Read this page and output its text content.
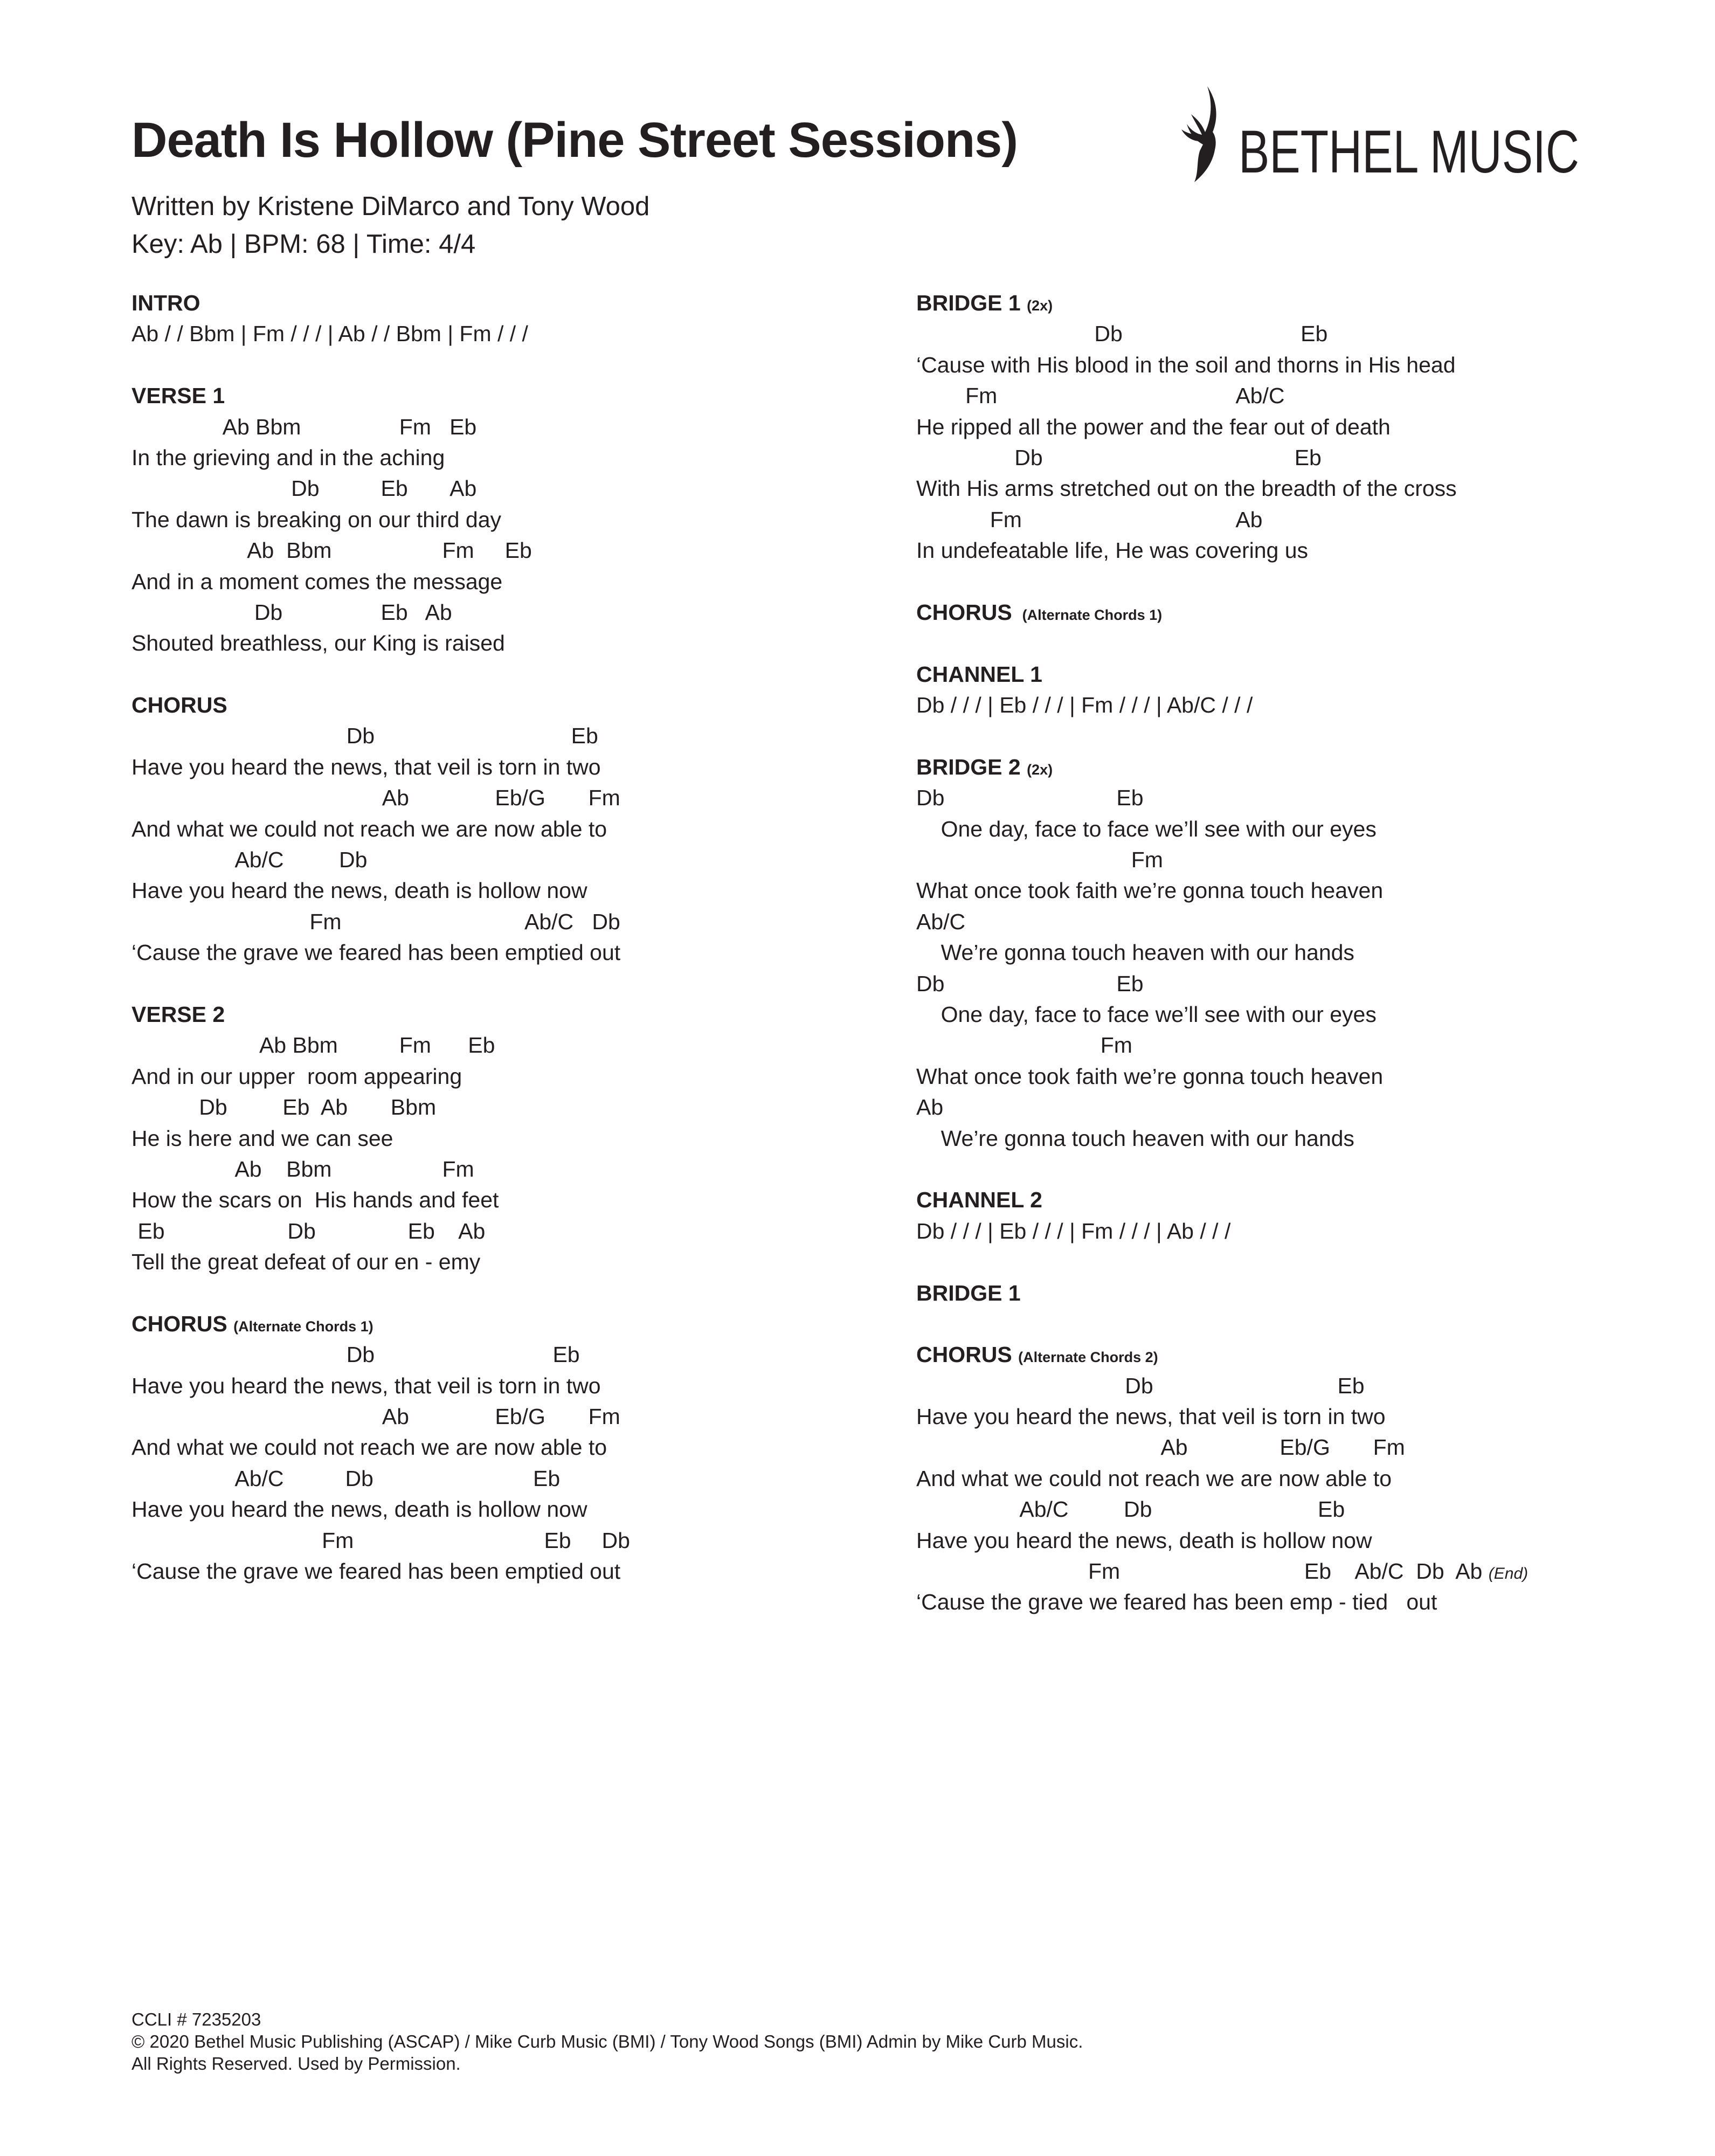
Death Is Hollow (Pine Street Sessions)
Written by Kristene DiMarco and Tony Wood
Key: Ab | BPM: 68 | Time: 4/4
BETHEL MUSIC
INTRO
Ab / / Bbm | Fm / / / | Ab / / Bbm | Fm / / /
VERSE 1
Ab Bbm                Fm   Eb
In the grieving and in the aching
Db          Eb       Ab
The dawn is breaking on our third day
Ab  Bbm                  Fm     Eb
And in a moment comes the message
Db                Eb   Ab
Shouted breathless, our King is raised
CHORUS
Db                                Eb
Have you heard the news, that veil is torn in two
Ab              Eb/G       Fm
And what we could not reach we are now able to
Ab/C         Db
Have you heard the news, death is hollow now
Fm                              Ab/C   Db
‘Cause the grave we feared has been emptied out
VERSE 2
Ab Bbm          Fm      Eb
And in our upper  room appearing
Db         Eb  Ab       Bbm
He is here and we can see
Ab    Bbm                  Fm
How the scars on  His hands and feet
Eb                    Db               Eb    Ab
Tell the great defeat of our en - emy
CHORUS (Alternate Chords 1)
Db                             Eb
Have you heard the news, that veil is torn in two
Ab              Eb/G       Fm
And what we could not reach we are now able to
Ab/C          Db                          Eb
Have you heard the news, death is hollow now
Fm                               Eb     Db
‘Cause the grave we feared has been emptied out
BRIDGE 1 (2x)
Db                             Eb
‘Cause with His blood in the soil and thorns in His head
Fm                                       Ab/C
He ripped all the power and the fear out of death
Db                                         Eb
With His arms stretched out on the breadth of the cross
Fm                                   Ab
In undefeatable life, He was covering us
CHORUS  (Alternate Chords 1)
CHANNEL 1
Db / / / | Eb / / / | Fm / / / | Ab/C / / /
BRIDGE 2 (2x)
Db                            Eb
One day, face to face we’ll see with our eyes
Fm
What once took faith we’re gonna touch heaven
Ab/C
We’re gonna touch heaven with our hands
Db                            Eb
One day, face to face we’ll see with our eyes
Fm
What once took faith we’re gonna touch heaven
Ab
We’re gonna touch heaven with our hands
CHANNEL 2
Db / / / | Eb / / / | Fm / / / | Ab / / /
BRIDGE 1
CHORUS (Alternate Chords 2)
Db                              Eb
Have you heard the news, that veil is torn in two
Ab               Eb/G       Fm
And what we could not reach we are now able to
Ab/C         Db                           Eb
Have you heard the news, death is hollow now
Fm                              Eb    Ab/C  Db  Ab (End)
‘Cause the grave we feared has been emp - tied   out
CCLI # 7235203
© 2020 Bethel Music Publishing (ASCAP) / Mike Curb Music (BMI) / Tony Wood Songs (BMI) Admin by Mike Curb Music.
All Rights Reserved. Used by Permission.
